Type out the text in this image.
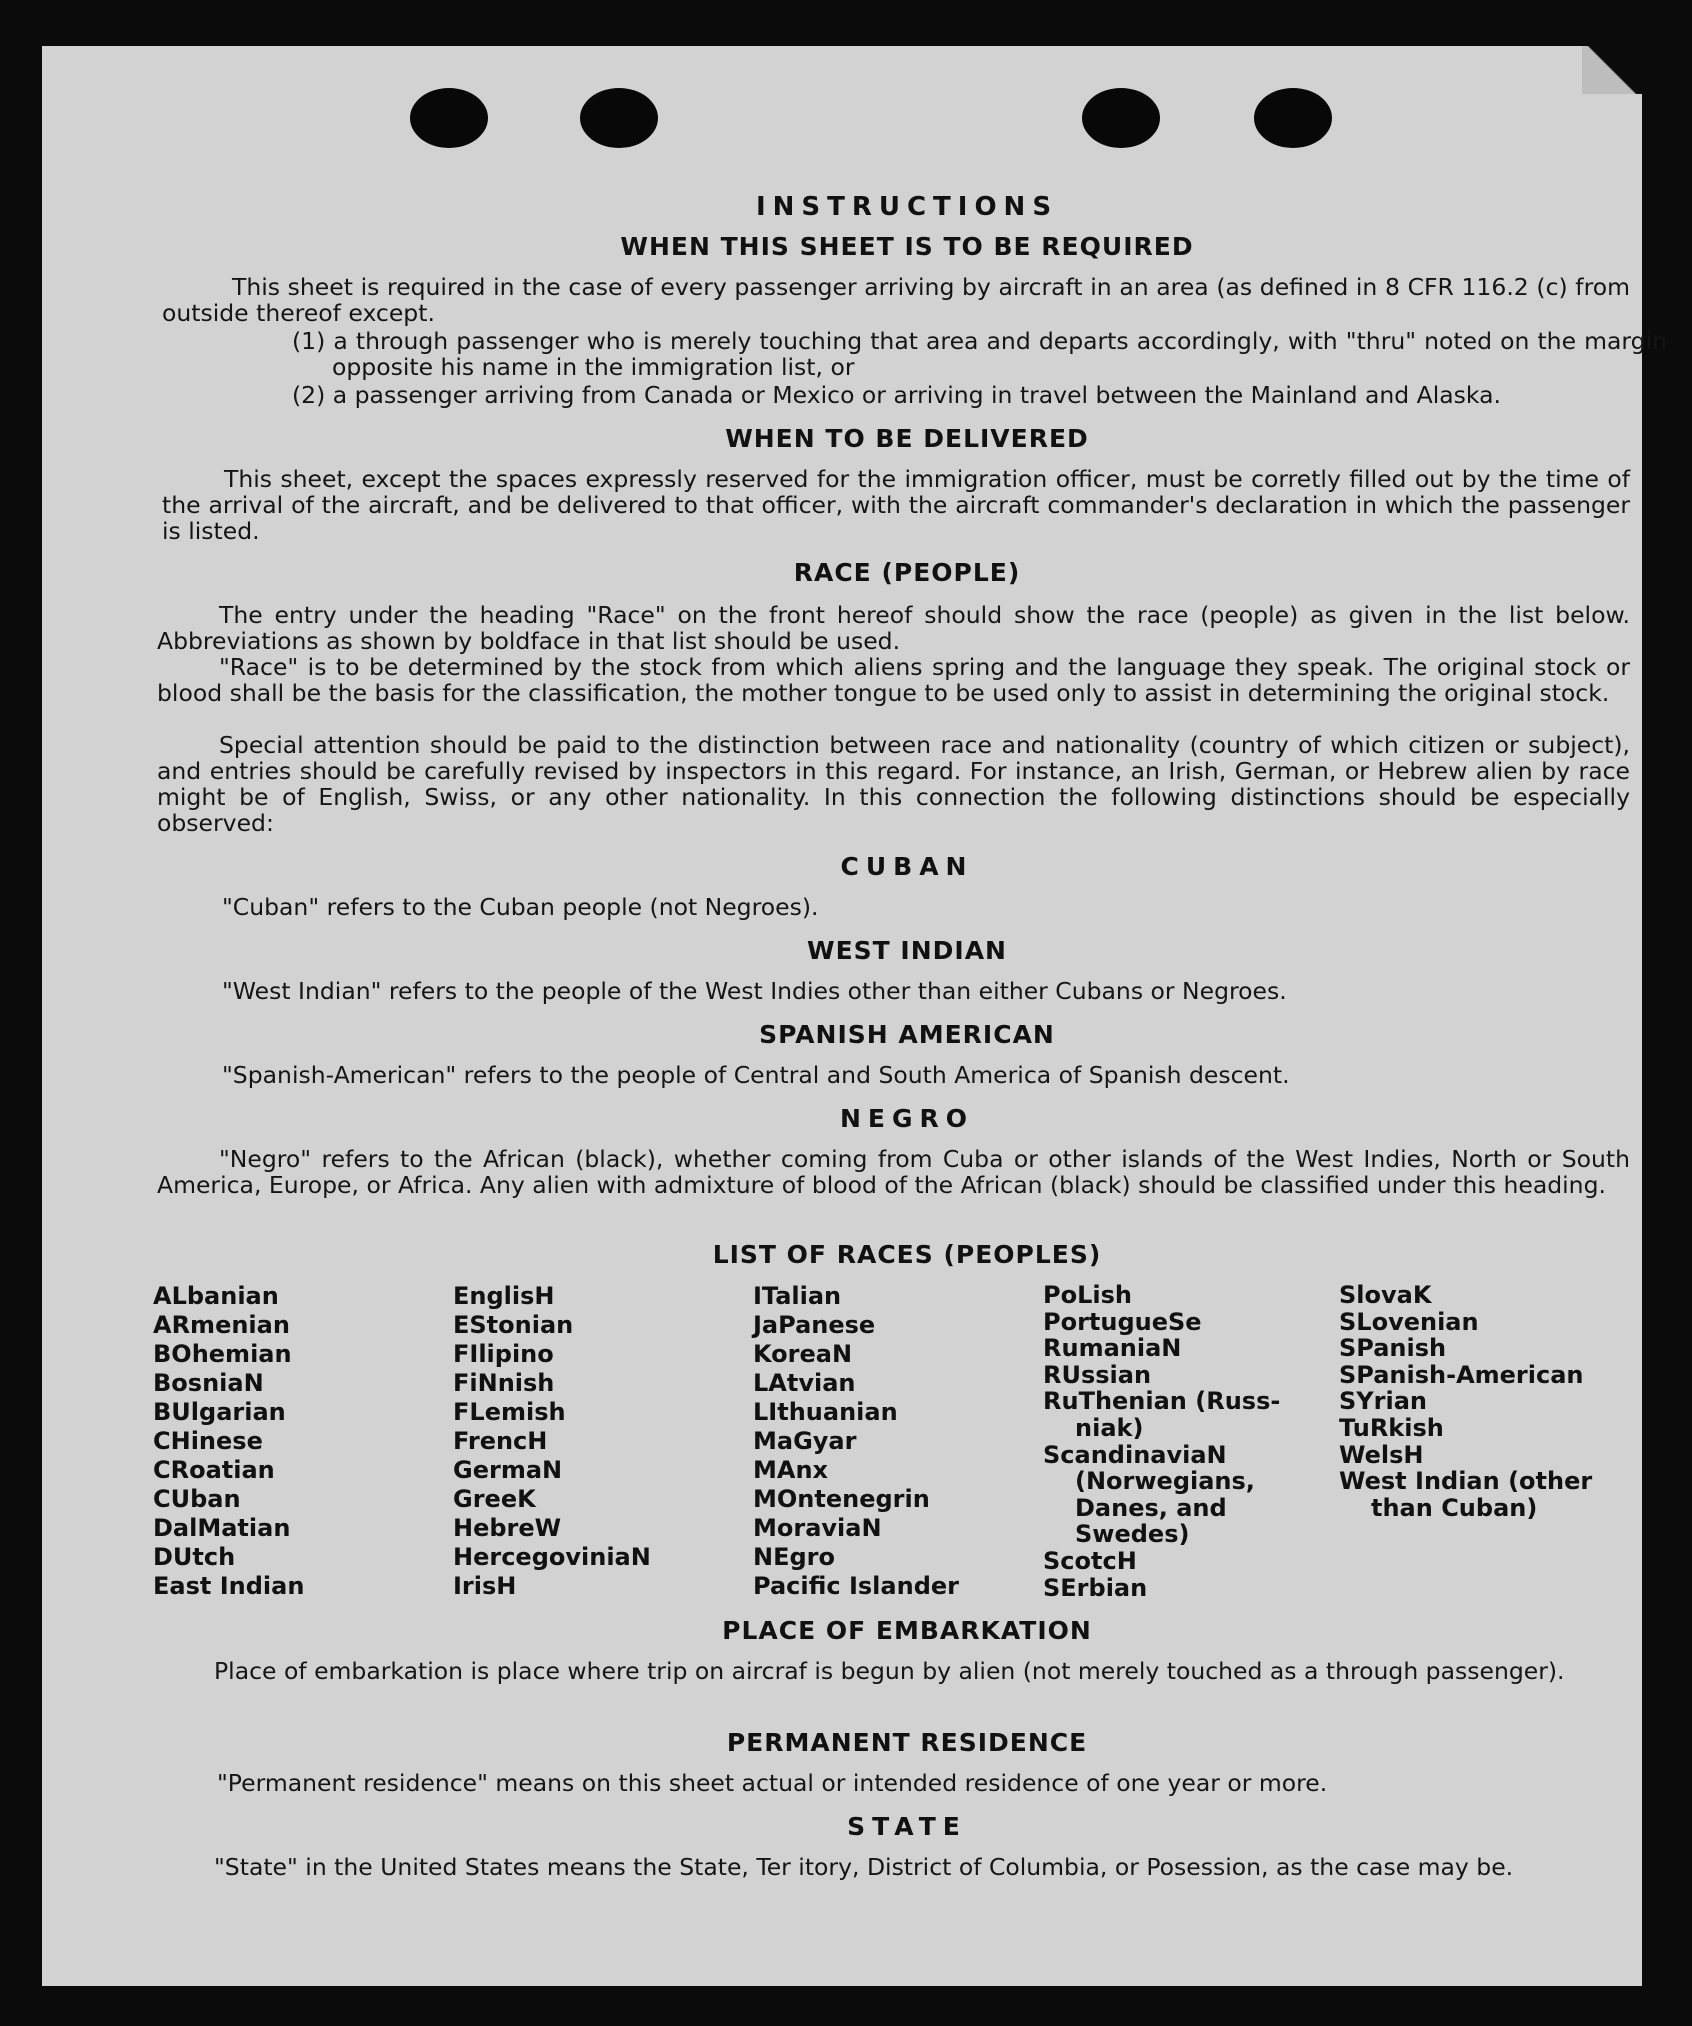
INSTRUCTIONS
WHEN THIS SHEET IS TO BE REQUIRED
This sheet is required in the case of every passenger arriving by aircraft in an area (as defined in 8 CFR 116.2 (c) from outside thereof except.
(1) a through passenger who is merely touching that area and departs accordingly, with "thru" noted on the margin opposite his name in the immigration list, or
(2) a passenger arriving from Canada or Mexico or arriving in travel between the Mainland and Alaska.
WHEN TO BE DELIVERED
This sheet, except the spaces expressly reserved for the immigration officer, must be corretly filled out by the time of the arrival of the aircraft, and be delivered to that officer, with the aircraft commander's declaration in which the passenger is listed.
RACE (PEOPLE)
The entry under the heading "Race" on the front hereof should show the race (people) as given in the list below. Abbreviations as shown by boldface in that list should be used.
"Race" is to be determined by the stock from which aliens spring and the language they speak. The original stock or blood shall be the basis for the classification, the mother tongue to be used only to assist in determining the original stock.
Special attention should be paid to the distinction between race and nationality (country of which citizen or subject), and entries should be carefully revised by inspectors in this regard. For instance, an Irish, German, or Hebrew alien by race might be of English, Swiss, or any other nationality. In this connection the following distinctions should be especially observed:
CUBAN
"Cuban" refers to the Cuban people (not Negroes).
WEST INDIAN
"West Indian" refers to the people of the West Indies other than either Cubans or Negroes.
SPANISH AMERICAN
"Spanish-American" refers to the people of Central and South America of Spanish descent.
NEGRO
"Negro" refers to the African (black), whether coming from Cuba or other islands of the West Indies, North or South America, Europe, or Africa. Any alien with admixture of blood of the African (black) should be classified under this heading.
LIST OF RACES (PEOPLES)
PLACE OF EMBARKATION
Place of embarkation is place where trip on aircraf is begun by alien (not merely touched as a through passenger).
PERMANENT RESIDENCE
"Permanent residence" means on this sheet actual or intended residence of one year or more.
STATE
"State" in the United States means the State, Ter itory, District of Columbia, or Posession, as the case may be.
ALbanian
ARmenian
BOhemian
BosniaN
BUlgarian
CHinese
CRoatian
CUban
DalMatian
DUtch
East Indian
EnglisH
EStonian
FIlipino
FiNnish
FLemish
FrencH
GermaN
GreeK
HebreW
HercegoviniaN
IrisH
ITalian
JaPanese
KoreaN
LAtvian
LIthuanian
MaGyar
MAnx
MOntenegrin
MoraviaN
NEgro
Pacific Islander
PoLish
PortugueSe
RumaniaN
RUssian
RuThenian (Russ-
niak)
ScandinaviaN
(Norwegians,
Danes, and
Swedes)
ScotcH
SErbian
SlovaK
SLovenian
SPanish
SPanish-American
SYrian
TuRkish
WelsH
West Indian (other
than Cuban)
